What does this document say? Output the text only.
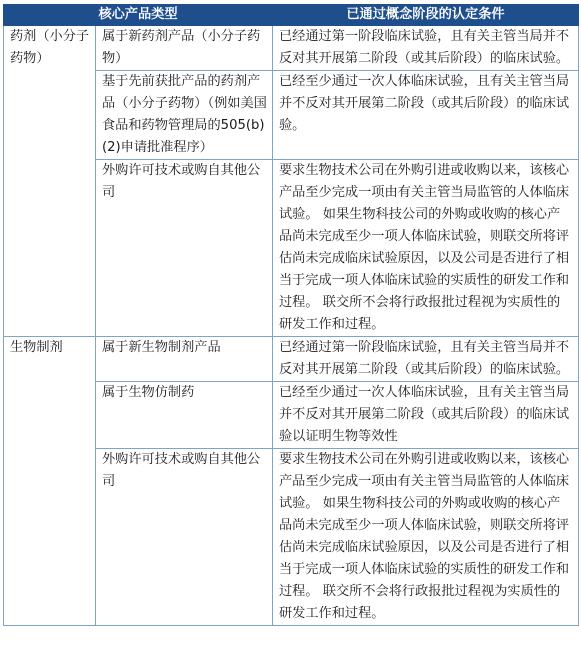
核心产品类型		已通过概念阶段的认定条件
药剂（小分子药物）	属于新药剂产品（小分子药物）	已经通过第一阶段临床试验，且有关主管当局并不反对其开展第二阶段（或其后阶段）的临床试验。
	基于先前获批产品的药剂产品（小分子药物）（例如美国食品和药物管理局的505(b)(2)申请批准程序）	已经至少通过一次人体临床试验，且有关主管当局并不反对其开展第二阶段（或其后阶段）的临床试验。
	外购许可技术或购自其他公司	要求生物技术公司在外购引进或收购以来，该核心产品至少完成一项由有关主管当局监管的人体临床试验。 如果生物科技公司的外购或收购的核心产品尚未完成至少一项人体临床试验，则联交所将评估尚未完成临床试验原因，以及公司是否进行了相当于完成一项人体临床试验的实质性的研发工作和过程。 联交所不会将行政报批过程视为实质性的研发工作和过程。
生物制剂	属于新生物制剂产品	已经通过第一阶段临床试验，且有关主管当局并不反对其开展第二阶段（或其后阶段）的临床试验。
	属于生物仿制药	已经至少通过一次人体临床试验，且有关主管当局并不反对其开展第二阶段（或其后阶段）的临床试验以证明生物等效性
	外购许可技术或购自其他公司	要求生物技术公司在外购引进或收购以来，该核心产品至少完成一项由有关主管当局监管的人体临床试验。 如果生物科技公司的外购或收购的核心产品尚未完成至少一项人体临床试验，则联交所将评估尚未完成临床试验原因，以及公司是否进行了相当于完成一项人体临床试验的实质性的研发工作和过程。 联交所不会将行政报批过程视为实质性的研发工作和过程。
